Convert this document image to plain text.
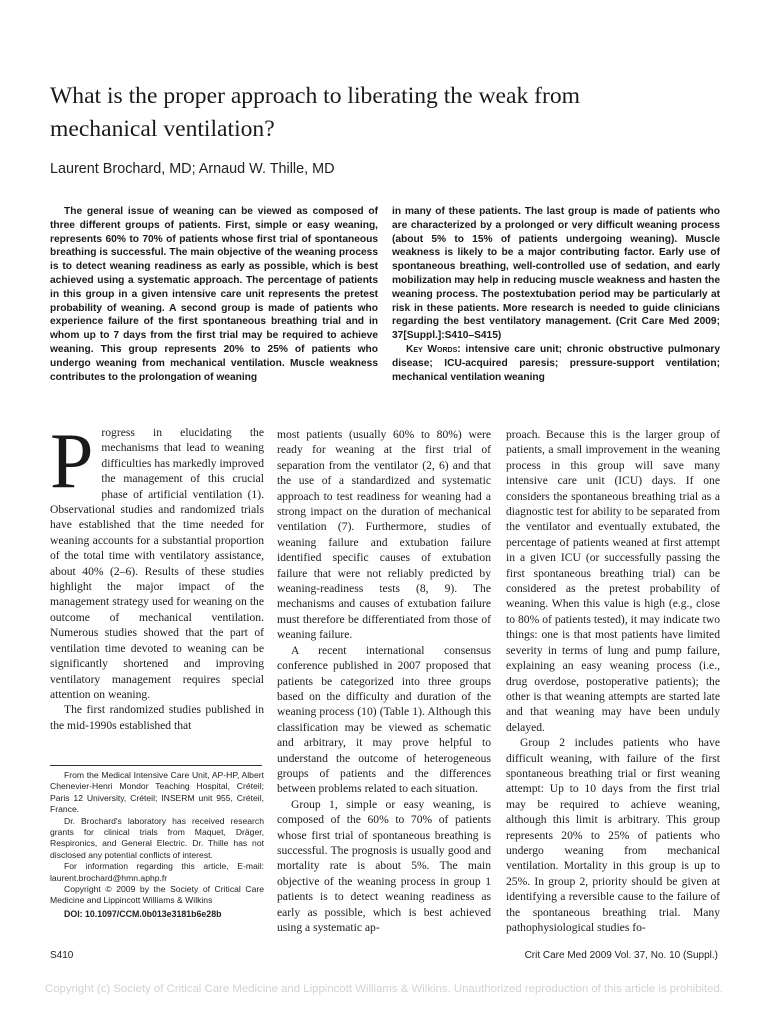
What is the proper approach to liberating the weak from mechanical ventilation?
Laurent Brochard, MD; Arnaud W. Thille, MD

The general issue of weaning can be viewed as composed of three different groups of patients. First, simple or easy weaning, represents 60% to 70% of patients whose first trial of spontaneous breathing is successful. The main objective of the weaning process is to detect weaning readiness as early as possible, which is best achieved using a systematic approach. The percentage of patients in this group in a given intensive care unit represents the pretest probability of weaning. A second group is made of patients who experience failure of the first spontaneous breathing trial and in whom up to 7 days from the first trial may be required to achieve weaning. This group represents 20% to 25% of patients who undergo weaning from mechanical ventilation. Muscle weakness contributes to the prolongation of weaning

in many of these patients. The last group is made of patients who are characterized by a prolonged or very difficult weaning process (about 5% to 15% of patients undergoing weaning). Muscle weakness is likely to be a major contributing factor. Early use of spontaneous breathing, well-controlled use of sedation, and early mobilization may help in reducing muscle weakness and hasten the weaning process. The postextubation period may be particularly at risk in these patients. More research is needed to guide clinicians regarding the best ventilatory management. (Crit Care Med 2009; 37[Suppl.]:S410–S415)

Key Words: intensive care unit; chronic obstructive pulmonary disease; ICU-acquired paresis; pressure-support ventilation; mechanical ventilation weaning

Progress in elucidating the mechanisms that lead to weaning difficulties has markedly improved the management of this crucial phase of artificial ventilation (1). Observational studies and randomized trials have established that the time needed for weaning accounts for a substantial proportion of the total time with ventilatory assistance, about 40% (2–6). Results of these studies highlight the major impact of the management strategy used for weaning on the outcome of mechanical ventilation. Numerous studies showed that the part of ventilation time devoted to weaning can be significantly shortened and improving ventilatory management requires special attention on weaning.

The first randomized studies published in the mid-1990s established that

From the Medical Intensive Care Unit, AP-HP, Albert Chenevier-Henri Mondor Teaching Hospital, Créteil; Paris 12 University, Créteil; INSERM unit 955, Créteil, France.

Dr. Brochard's laboratory has received research grants for clinical trials from Maquet, Dräger, Respironics, and General Electric. Dr. Thille has not disclosed any potential conflicts of interest.

For information regarding this article, E-mail: laurent.brochard@hmn.aphp.fr

Copyright © 2009 by the Society of Critical Care Medicine and Lippincott Williams & Wilkins

DOI: 10.1097/CCM.0b013e3181b6e28b

most patients (usually 60% to 80%) were ready for weaning at the first trial of separation from the ventilator (2, 6) and that the use of a standardized and systematic approach to test readiness for weaning had a strong impact on the duration of mechanical ventilation (7). Furthermore, studies of weaning failure and extubation failure identified specific causes of extubation failure that were not reliably predicted by weaning-readiness tests (8, 9). The mechanisms and causes of extubation failure must therefore be differentiated from those of weaning failure.

A recent international consensus conference published in 2007 proposed that patients be categorized into three groups based on the difficulty and duration of the weaning process (10) (Table 1). Although this classification may be viewed as schematic and arbitrary, it may prove helpful to understand the outcome of heterogeneous groups of patients and the differences between problems related to each situation.

Group 1, simple or easy weaning, is composed of the 60% to 70% of patients whose first trial of spontaneous breathing is successful. The prognosis is usually good and mortality rate is about 5%. The main objective of the weaning process in group 1 patients is to detect weaning readiness as early as possible, which is best achieved using a systematic ap-

proach. Because this is the larger group of patients, a small improvement in the weaning process in this group will save many intensive care unit (ICU) days. If one considers the spontaneous breathing trial as a diagnostic test for ability to be separated from the ventilator and eventually extubated, the percentage of patients weaned at first attempt in a given ICU (or successfully passing the first spontaneous breathing trial) can be considered as the pretest probability of weaning. When this value is high (e.g., close to 80% of patients tested), it may indicate two things: one is that most patients have limited severity in terms of lung and pump failure, explaining an easy weaning process (i.e., drug overdose, postoperative patients); the other is that weaning attempts are started late and that weaning may have been unduly delayed.

Group 2 includes patients who have difficult weaning, with failure of the first spontaneous breathing trial or first weaning attempt: Up to 10 days from the first trial may be required to achieve weaning, although this limit is arbitrary. This group represents 20% to 25% of patients who undergo weaning from mechanical ventilation. Mortality in this group is up to 25%. In group 2, priority should be given at identifying a reversible cause to the failure of the spontaneous breathing trial. Many pathophysiological studies fo-

S410	Crit Care Med 2009 Vol. 37, No. 10 (Suppl.)
Copyright (c) Society of Critical Care Medicine and Lippincott Williams & Wilkins. Unauthorized reproduction of this article is prohibited.
